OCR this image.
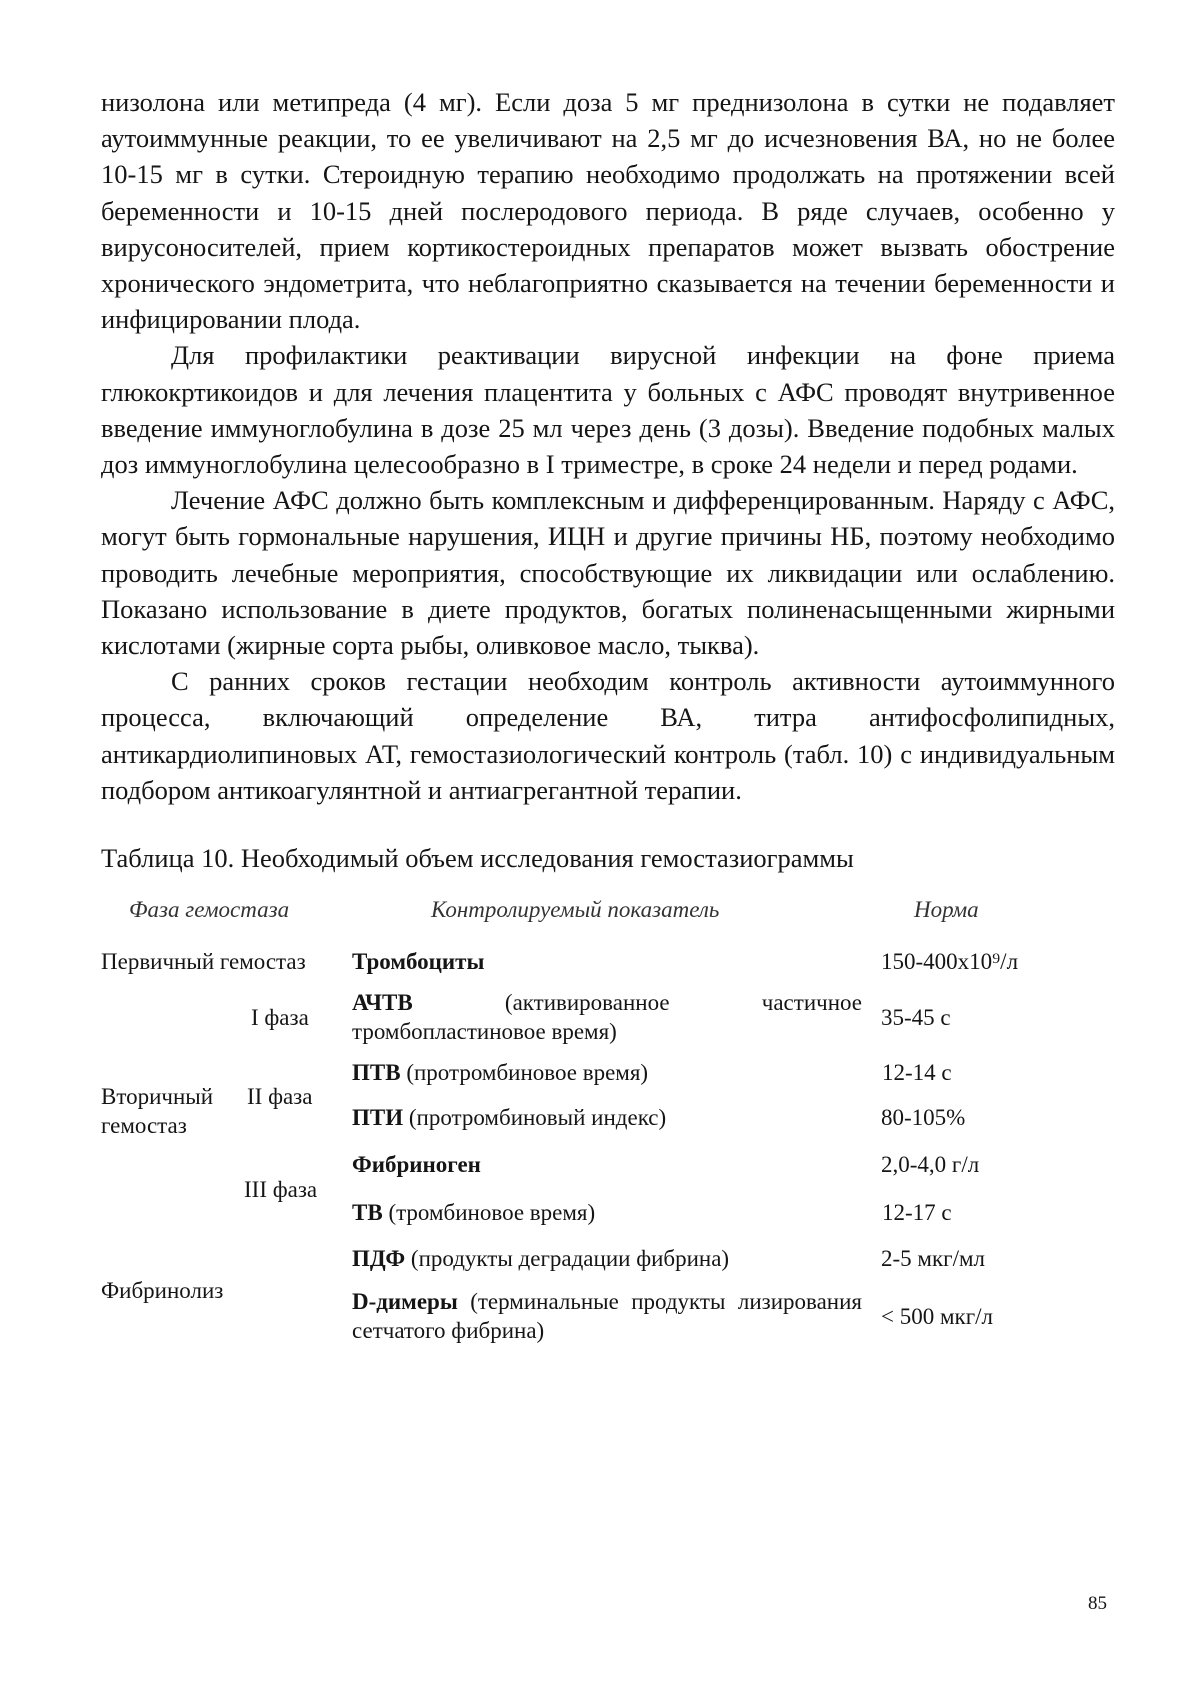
низолона или метипреда (4 мг). Если доза 5 мг преднизолона в сутки не подавляет аутоиммунные реакции, то ее увеличивают на 2,5 мг до исчезновения ВА, но не более 10-15 мг в сутки. Стероидную терапию необходимо продолжать на протяжении всей беременности и 10-15 дней послеродового периода. В ряде случаев, особенно у вирусоносителей, прием кортикостероидных препаратов может вызвать обострение хронического эндометрита, что неблагоприятно сказывается на течении беременности и инфицировании плода.

Для профилактики реактивации вирусной инфекции на фоне приема глюкокртикоидов и для лечения плацентита у больных с АФС проводят внутривенное введение иммуноглобулина в дозе 25 мл через день (3 дозы). Введение подобных малых доз иммуноглобулина целесообразно в I триместре, в сроке 24 недели и перед родами.

Лечение АФС должно быть комплексным и дифференцированным. Наряду с АФС, могут быть гормональные нарушения, ИЦН и другие причины НБ, поэтому необходимо проводить лечебные мероприятия, способствующие их ликвидации или ослаблению. Показано использование в диете продуктов, богатых полиненасыщенными жирными кислотами (жирные сорта рыбы, оливковое масло, тыква).

С ранних сроков гестации необходим контроль активности аутоиммунного процесса, включающий определение ВА, титра антифосфолипидных, антикардиолипиновых АТ, гемостазиологический контроль (табл. 10) с индивидуальным подбором антикоагулянтной и антиагрегантной терапии.

Таблица 10. Необходимый объем исследования гемостазиограммы
Фаза гемостаза	Контролируемый показатель	Норма
Первичный гемостаз
I фаза
Вторичный гемостаз
II фаза
III фаза
Фибринолиз
Тромбоциты
АЧТВ (активированное частичное тромбопластиновое время)
ПТВ (протромбиновое время)
ПТИ (протромбиновый индекс)
Фибриноген
ТВ (тромбиновое время)
ПДФ (продукты деградации фибрина)
D-димеры (терминальные продукты лизирования сетчатого фибрина)
150-400х10⁹/л
35-45 с
12-14 с
80-105%
2,0-4,0 г/л
12-17 с
2-5 мкг/мл
< 500 мкг/л
85
